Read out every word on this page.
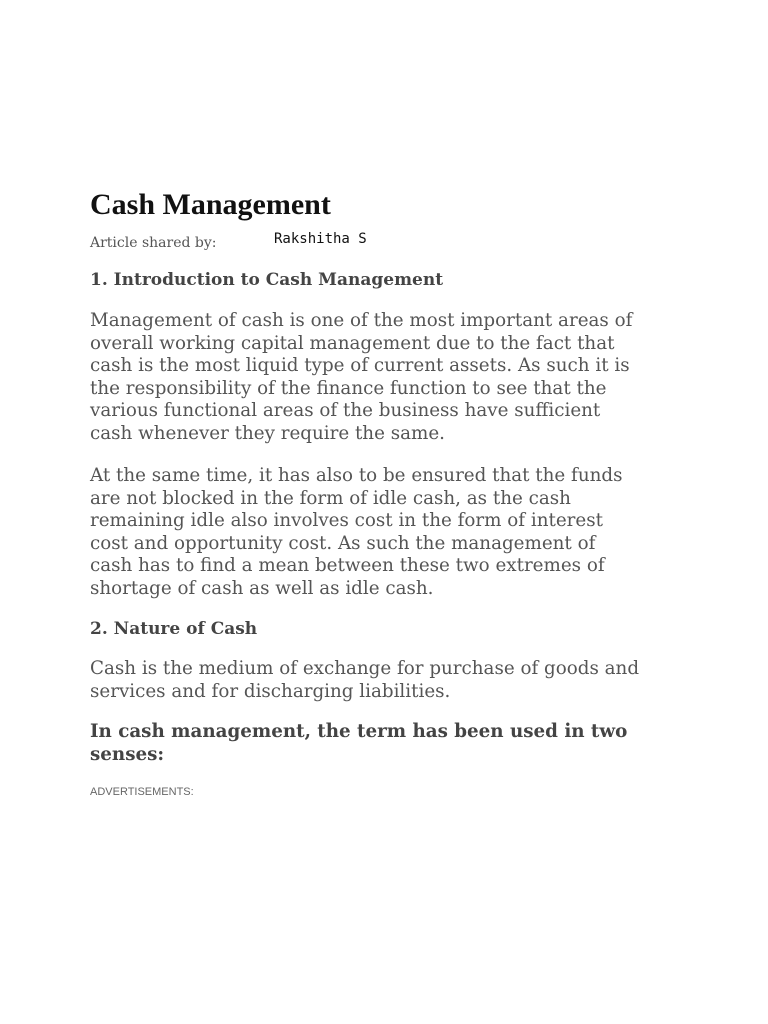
Cash Management
Article shared by:	Rakshitha S
1. Introduction to Cash Management

Management of cash is one of the most important areas of
overall working capital management due to the fact that
cash is the most liquid type of current assets. As such it is
the responsibility of the finance function to see that the
various functional areas of the business have sufficient
cash whenever they require the same.

At the same time, it has also to be ensured that the funds
are not blocked in the form of idle cash, as the cash
remaining idle also involves cost in the form of interest
cost and opportunity cost. As such the management of
cash has to find a mean between these two extremes of
shortage of cash as well as idle cash.

2. Nature of Cash

Cash is the medium of exchange for purchase of goods and
services and for discharging liabilities.

In cash management, the term has been used in two
senses:

ADVERTISEMENTS:
